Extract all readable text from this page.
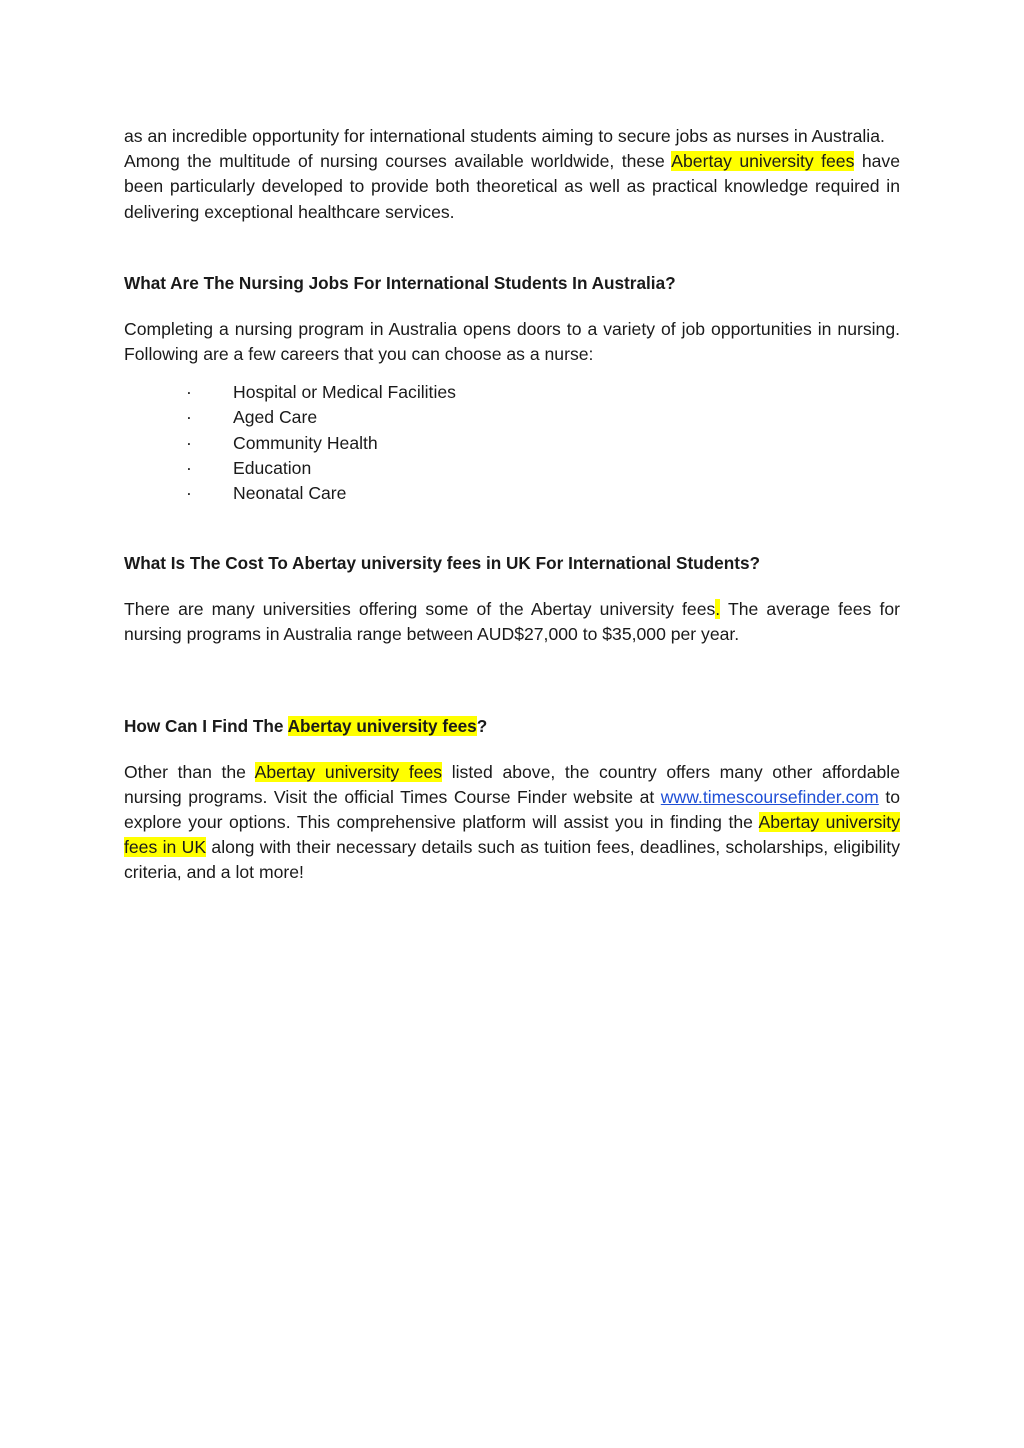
as an incredible opportunity for international students aiming to secure jobs as nurses in Australia.

Among the multitude of nursing courses available worldwide, these Abertay university fees have been particularly developed to provide both theoretical as well as practical knowledge required in delivering exceptional healthcare services.

What Are The Nursing Jobs For International Students In Australia?

Completing a nursing program in Australia opens doors to a variety of job opportunities in nursing. Following are a few careers that you can choose as a nurse:

· Hospital or Medical Facilities
· Aged Care
· Community Health
· Education
· Neonatal Care

What Is The Cost To Abertay university fees in UK For International Students?

There are many universities offering some of the Abertay university fees. The average fees for nursing programs in Australia range between AUD$27,000 to $35,000 per year.

How Can I Find The Abertay university fees?

Other than the Abertay university fees listed above, the country offers many other affordable nursing programs. Visit the official Times Course Finder website at www.timescoursefinder.com to explore your options. This comprehensive platform will assist you in finding the Abertay university fees in UK along with their necessary details such as tuition fees, deadlines, scholarships, eligibility criteria, and a lot more!
